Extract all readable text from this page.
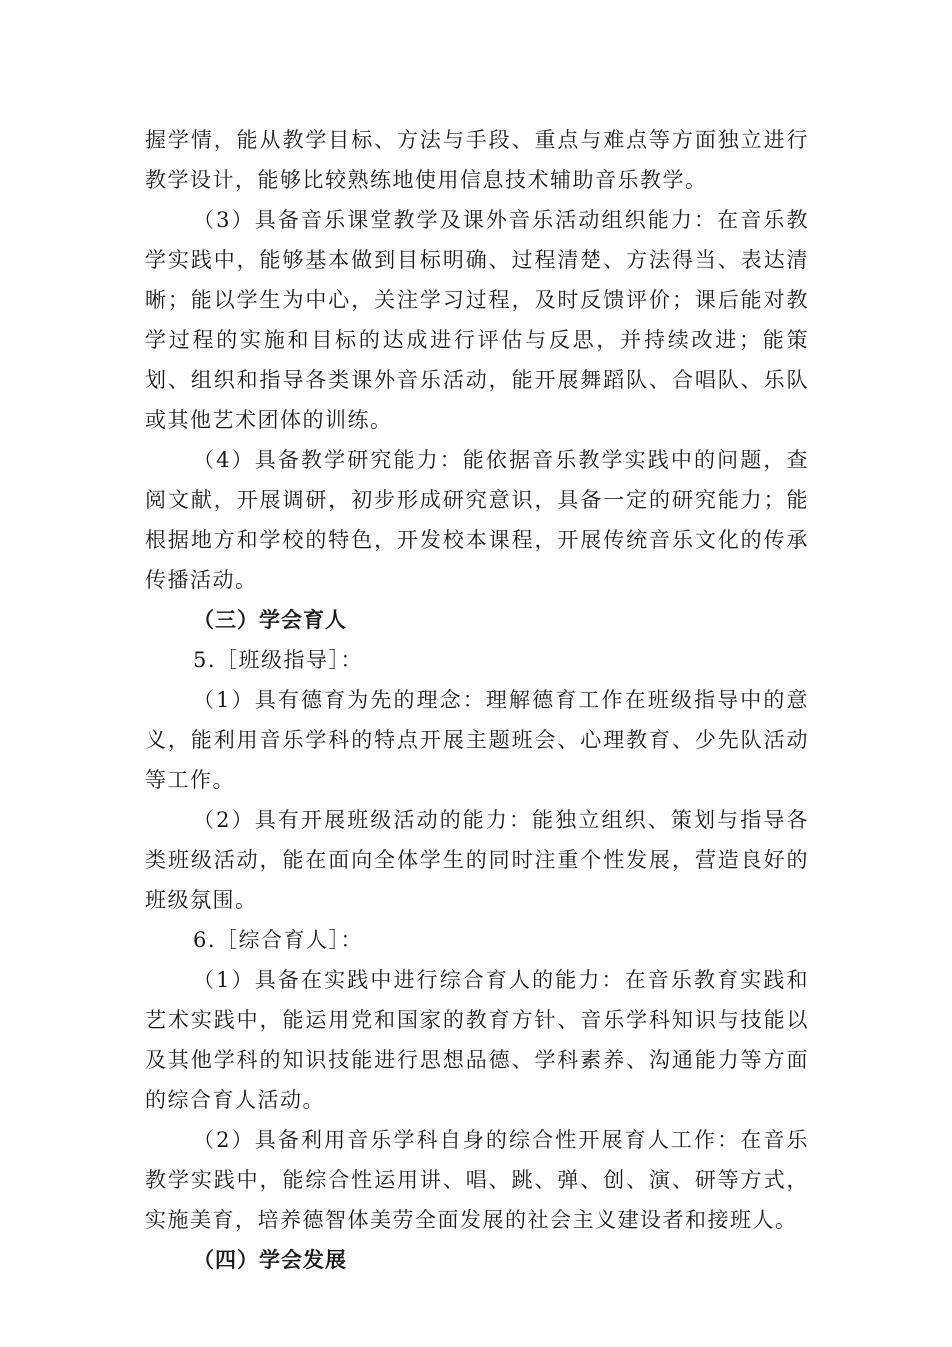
握学情，能从教学目标、方法与手段、重点与难点等方面独立进行教学设计，能够比较熟练地使用信息技术辅助音乐教学。

（3）具备音乐课堂教学及课外音乐活动组织能力：在音乐教学实践中，能够基本做到目标明确、过程清楚、方法得当、表达清晰；能以学生为中心，关注学习过程，及时反馈评价；课后能对教学过程的实施和目标的达成进行评估与反思，并持续改进；能策划、组织和指导各类课外音乐活动，能开展舞蹈队、合唱队、乐队或其他艺术团体的训练。

（4）具备教学研究能力：能依据音乐教学实践中的问题，查阅文献，开展调研，初步形成研究意识，具备一定的研究能力；能根据地方和学校的特色，开发校本课程，开展传统音乐文化的传承传播活动。

（三）学会育人

5.［班级指导］：

（1）具有德育为先的理念：理解德育工作在班级指导中的意义，能利用音乐学科的特点开展主题班会、心理教育、少先队活动等工作。

（2）具有开展班级活动的能力：能独立组织、策划与指导各类班级活动，能在面向全体学生的同时注重个性发展，营造良好的班级氛围。

6.［综合育人］：

（1）具备在实践中进行综合育人的能力：在音乐教育实践和艺术实践中，能运用党和国家的教育方针、音乐学科知识与技能以及其他学科的知识技能进行思想品德、学科素养、沟通能力等方面的综合育人活动。

（2）具备利用音乐学科自身的综合性开展育人工作：在音乐教学实践中，能综合性运用讲、唱、跳、弹、创、演、研等方式，实施美育，培养德智体美劳全面发展的社会主义建设者和接班人。

（四）学会发展
